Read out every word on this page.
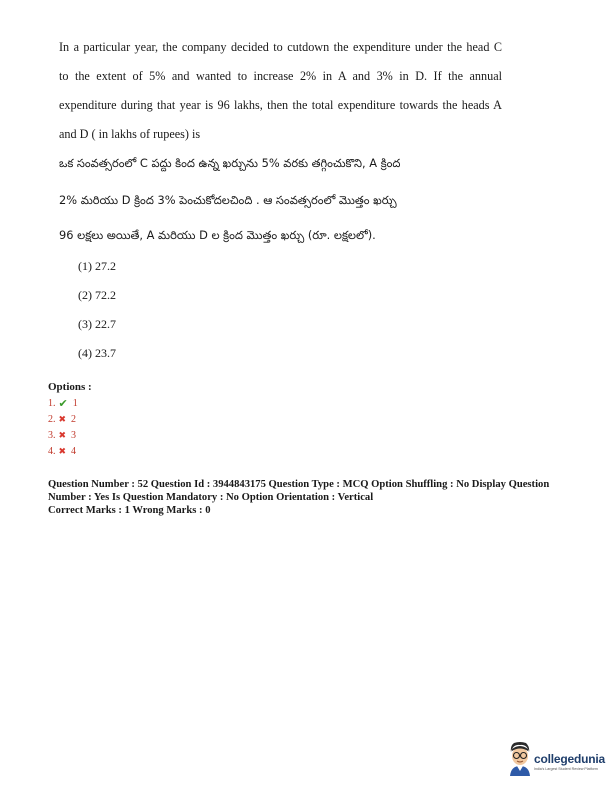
In a particular year, the company decided to cutdown the expenditure under the head C
to the extent of 5% and wanted to increase 2% in A and 3% in D. If the annual
expenditure during that year is 96 lakhs, then the total expenditure towards the heads A
and D ( in lakhs of rupees) is
ఒక సంవత్సరంలో C పద్దు కింద ఉన్న ఖర్చును 5% వరకు తగ్గించుకొని, A క్రింద
2% మరియు D క్రింద 3% పెంచుకోదలచింది . ఆ సంవత్సరంలో మొత్తం ఖర్చు
96 లక్షలు అయితే, A మరియు D ల క్రింద మొత్తం ఖర్చు (రూ. లక్షలలో).
(1) 27.2
(2) 72.2
(3) 22.7
(4) 23.7
Options :
1. ✔ 1
2. ✖ 2
3. ✖ 3
4. ✖ 4

Question Number : 52 Question Id : 3944843175 Question Type : MCQ Option Shuffling : No Display Question Number : Yes Is Question Mandatory : No Option Orientation : Vertical

Correct Marks : 1 Wrong Marks : 0

collegedunia
India's Largest Student Review Platform
